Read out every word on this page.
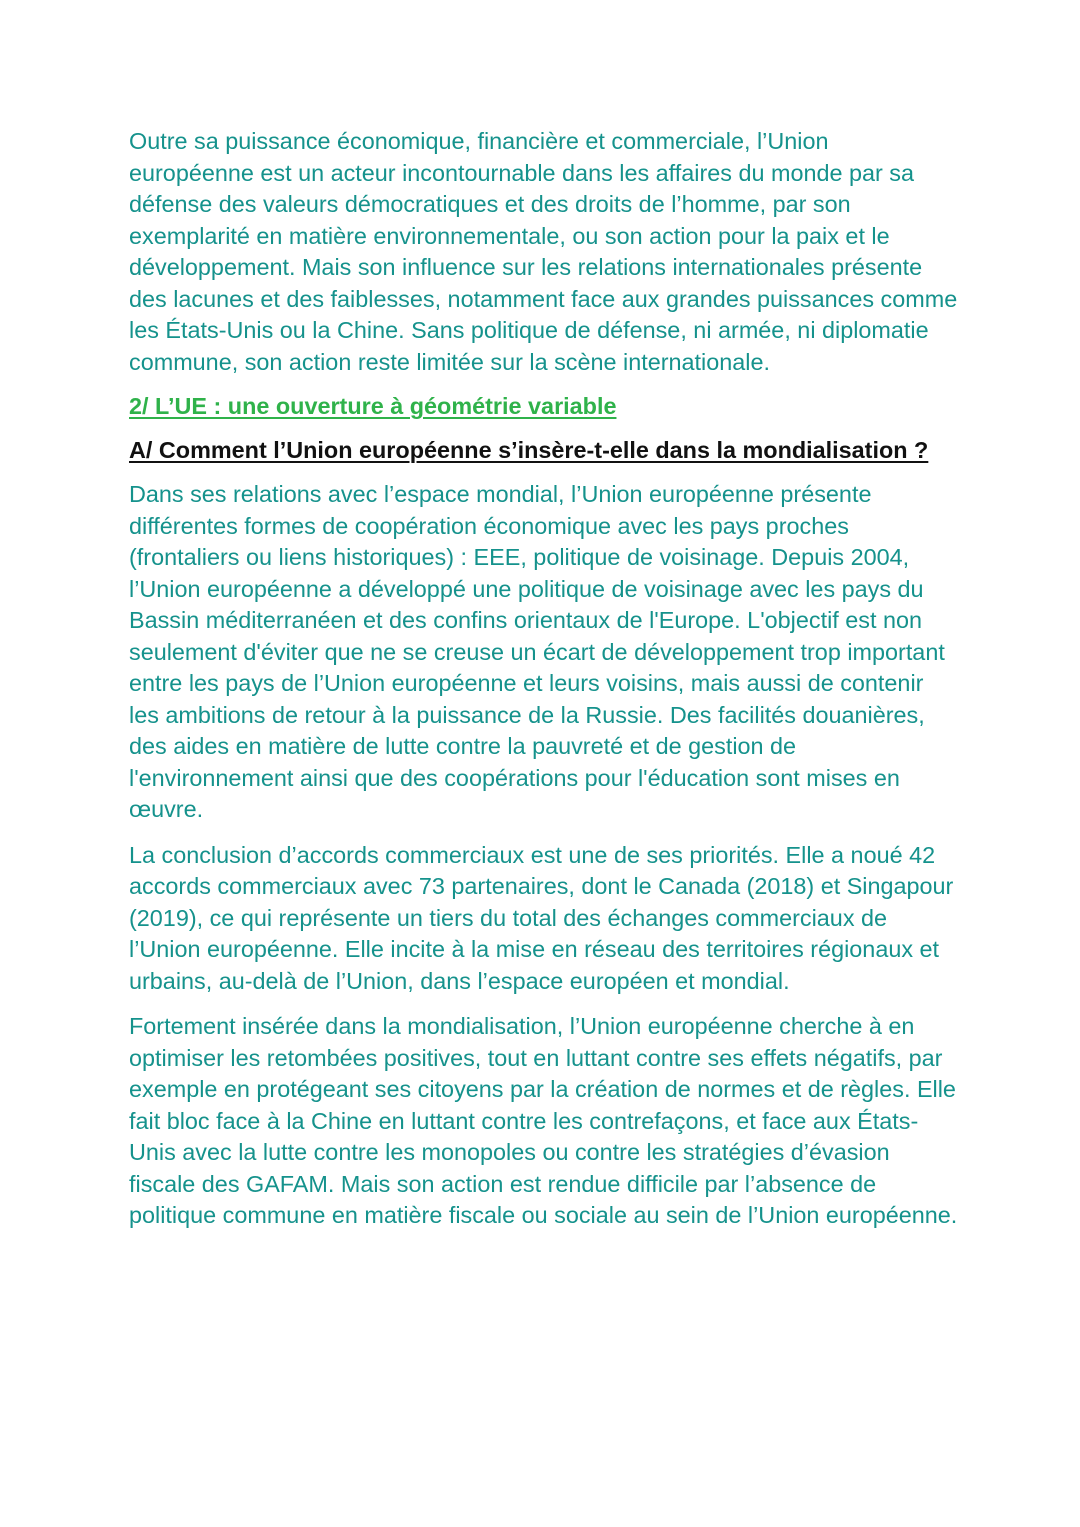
Outre sa puissance économique, financière et commerciale, l’Union européenne est un acteur incontournable dans les affaires du monde par sa défense des valeurs démocratiques et des droits de l’homme, par son exemplarité en matière environnementale, ou son action pour la paix et le développement. Mais son influence sur les relations internationales présente des lacunes et des faiblesses, notamment face aux grandes puissances comme les États-Unis ou la Chine. Sans politique de défense, ni armée, ni diplomatie commune, son action reste limitée sur la scène internationale.

2/ L’UE : une ouverture à géométrie variable

A/ Comment l’Union européenne s’insère-t-elle dans la mondialisation ?

Dans ses relations avec l’espace mondial, l’Union européenne présente différentes formes de coopération économique avec les pays proches (frontaliers ou liens historiques) : EEE, politique de voisinage. Depuis 2004, l’Union européenne a développé une politique de voisinage avec les pays du Bassin méditerranéen et des confins orientaux de l'Europe. L'objectif est non seulement d'éviter que ne se creuse un écart de développement trop important entre les pays de l’Union européenne et leurs voisins, mais aussi de contenir les ambitions de retour à la puissance de la Russie. Des facilités douanières, des aides en matière de lutte contre la pauvreté et de gestion de l'environnement ainsi que des coopérations pour l'éducation sont mises en œuvre.

La conclusion d’accords commerciaux est une de ses priorités. Elle a noué 42 accords commerciaux avec 73 partenaires, dont le Canada (2018) et Singapour (2019), ce qui représente un tiers du total des échanges commerciaux de l’Union européenne. Elle incite à la mise en réseau des territoires régionaux et urbains, au-delà de l’Union, dans l’espace européen et mondial.

Fortement insérée dans la mondialisation, l’Union européenne cherche à en optimiser les retombées positives, tout en luttant contre ses effets négatifs, par exemple en protégeant ses citoyens par la création de normes et de règles. Elle fait bloc face à la Chine en luttant contre les contrefaçons, et face aux États-Unis avec la lutte contre les monopoles ou contre les stratégies d’évasion fiscale des GAFAM. Mais son action est rendue difficile par l’absence de politique commune en matière fiscale ou sociale au sein de l’Union européenne.
